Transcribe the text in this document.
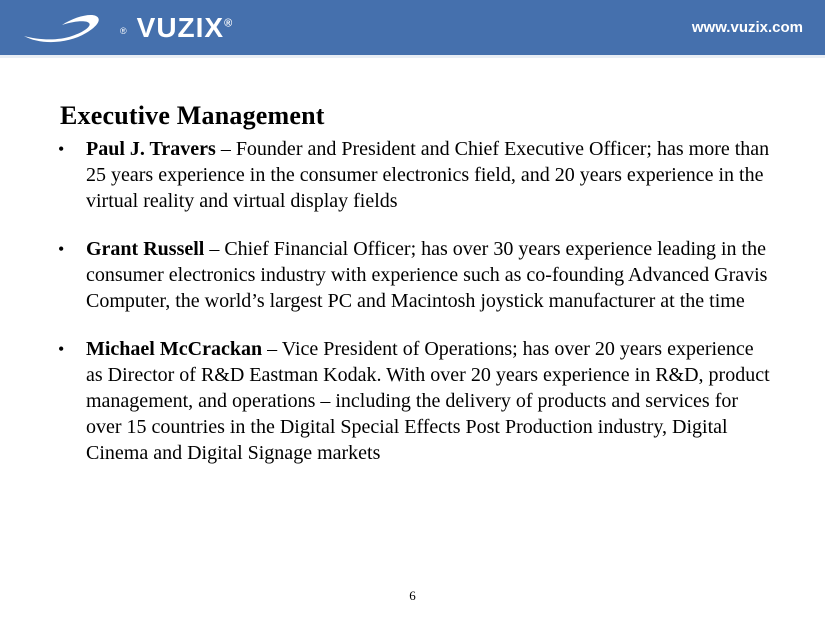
® VUZIX®	www.vuzix.com
Executive Management
•	Paul J. Travers – Founder and President and Chief Executive Officer; has more than 25 years experience in the consumer electronics field, and 20 years experience in the virtual reality and virtual display fields
•	Grant Russell – Chief Financial Officer; has over 30 years experience leading in the consumer electronics industry with experience such as co-founding Advanced Gravis Computer, the world’s largest PC and Macintosh joystick manufacturer at the time
•	Michael McCrackan – Vice President of Operations; has over 20 years experience as Director of R&D Eastman Kodak. With over 20 years experience in R&D, product management, and operations – including the delivery of products and services for over 15 countries in the Digital Special Effects Post Production industry, Digital Cinema and Digital Signage markets
6
